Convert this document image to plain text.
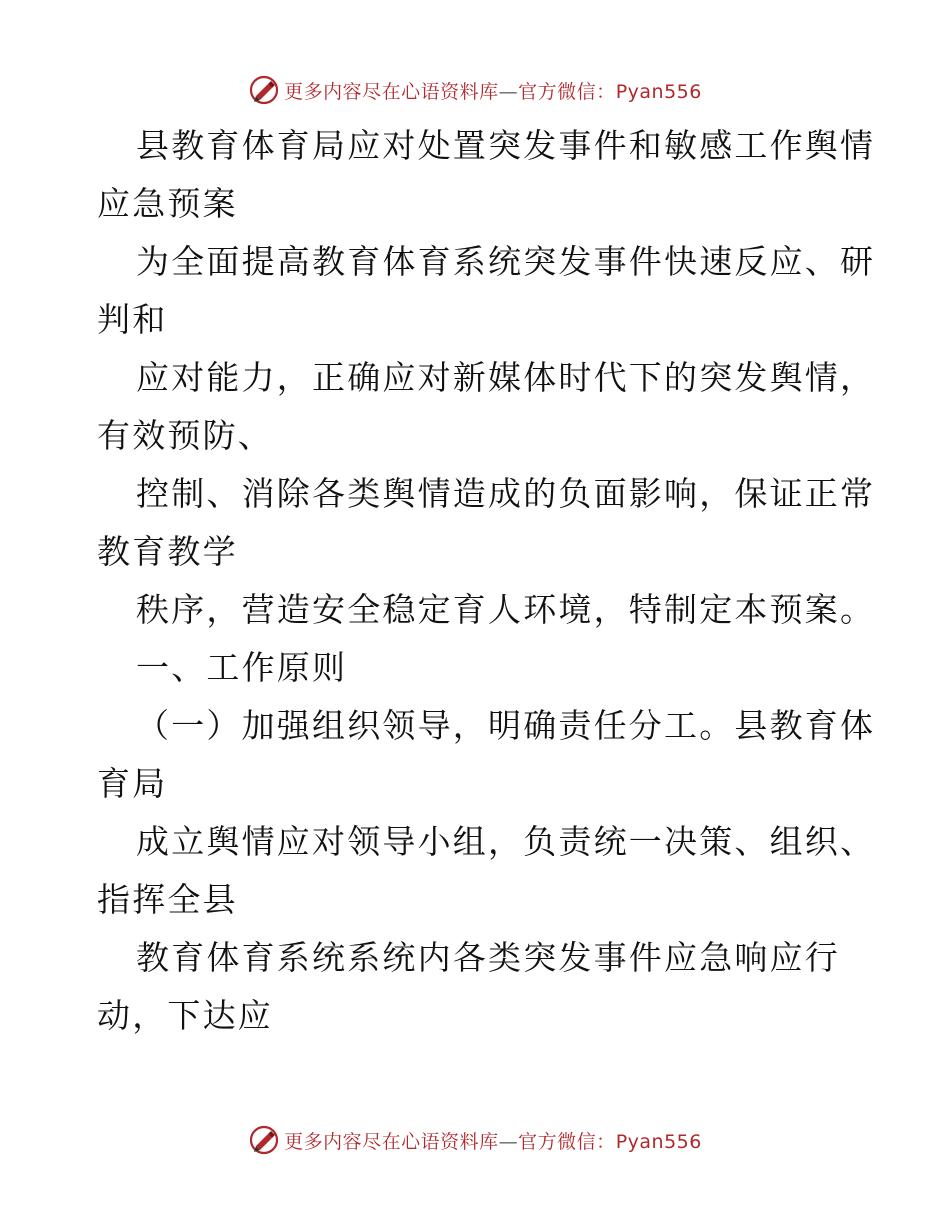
更多内容尽在心语资料库—官方微信：Pyan556
县教育体育局应对处置突发事件和敏感工作舆情
应急预案
为全面提高教育体育系统突发事件快速反应、研
判和
应对能力，正确应对新媒体时代下的突发舆情，
有效预防、
控制、消除各类舆情造成的负面影响，保证正常
教育教学
秩序，营造安全稳定育人环境，特制定本预案。
一、工作原则
（一）加强组织领导，明确责任分工。县教育体
育局
成立舆情应对领导小组，负责统一决策、组织、
指挥全县
教育体育系统系统内各类突发事件应急响应行
动，下达应
更多内容尽在心语资料库—官方微信：Pyan556
